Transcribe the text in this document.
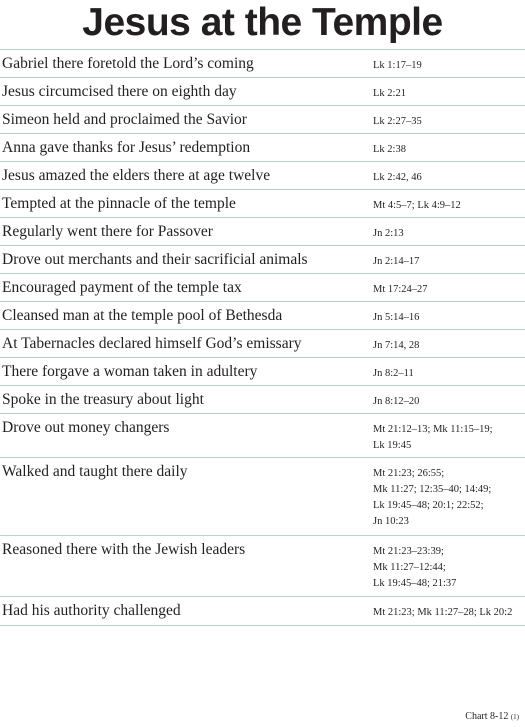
Jesus at the Temple
Gabriel there foretold the Lord’s coming	Lk 1:17–19
Jesus circumcised there on eighth day	Lk 2:21
Simeon held and proclaimed the Savior	Lk 2:27–35
Anna gave thanks for Jesus’ redemption	Lk 2:38
Jesus amazed the elders there at age twelve	Lk 2:42, 46
Tempted at the pinnacle of the temple	Mt 4:5–7; Lk 4:9–12
Regularly went there for Passover	Jn 2:13
Drove out merchants and their sacrificial animals	Jn 2:14–17
Encouraged payment of the temple tax	Mt 17:24–27
Cleansed man at the temple pool of Bethesda	Jn 5:14–16
At Tabernacles declared himself God’s emissary	Jn 7:14, 28
There forgave a woman taken in adultery	Jn 8:2–11
Spoke in the treasury about light	Jn 8:12–20
Drove out money changers	Mt 21:12–13; Mk 11:15–19;
Lk 19:45
Walked and taught there daily	Mt 21:23; 26:55;
Mk 11:27; 12:35–40; 14:49;
Lk 19:45–48; 20:1; 22:52;
Jn 10:23
Reasoned there with the Jewish leaders	Mt 21:23–23:39;
Mk 11:27–12:44;
Lk 19:45–48; 21:37
Had his authority challenged	Mt 21:23; Mk 11:27–28; Lk 20:2
Chart 8-12 (1)
